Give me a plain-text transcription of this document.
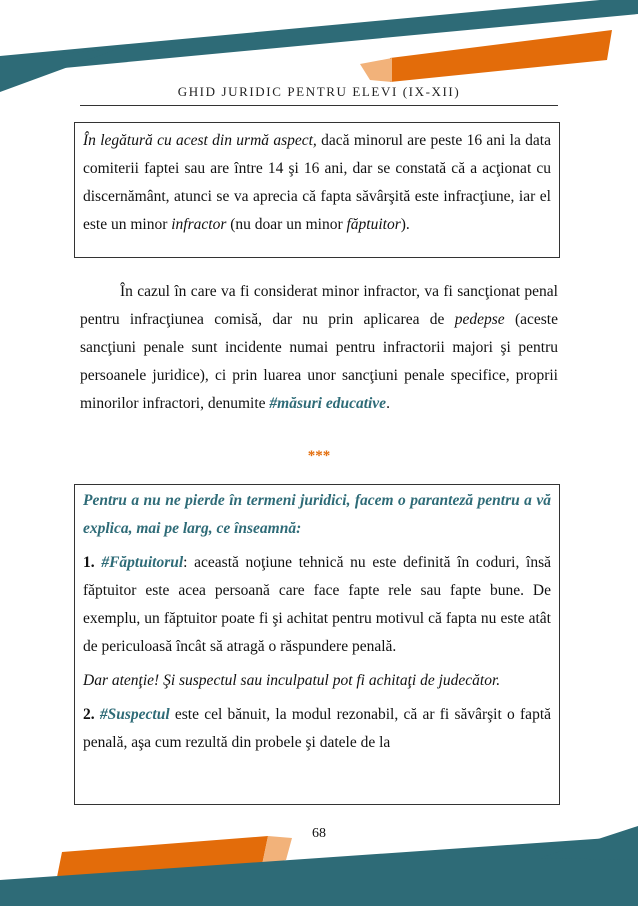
GHID JURIDIC PENTRU ELEVI (IX-XII)
În legătură cu acest din urmă aspect, dacă minorul are peste 16 ani la data comiterii faptei sau are între 14 şi 16 ani, dar se constată că a acţionat cu discernământ, atunci se va aprecia că fapta săvârşită este infracţiune, iar el este un minor infractor (nu doar un minor făptuitor).

În cazul în care va fi considerat minor infractor, va fi sancţionat penal pentru infracţiunea comisă, dar nu prin aplicarea de pedepse (aceste sancţiuni penale sunt incidente numai pentru infractorii majori şi pentru persoanele juridice), ci prin luarea unor sancţiuni penale specifice, proprii minorilor infractori, denumite #măsuri educative.

***

Pentru a nu ne pierde în termeni juridici, facem o paranteză pentru a vă explica, mai pe larg, ce înseamnă:

1. #Făptuitorul: această noţiune tehnică nu este definită în coduri, însă făptuitor este acea persoană care face fapte rele sau fapte bune. De exemplu, un făptuitor poate fi şi achitat pentru motivul că fapta nu este atât de periculoasă încât să atragă o răspundere penală.

Dar atenţie! Şi suspectul sau inculpatul pot fi achitaţi de judecător.

2. #Suspectul este cel bănuit, la modul rezonabil, că ar fi săvârşit o faptă penală, aşa cum rezultă din probele şi datele de la

68
